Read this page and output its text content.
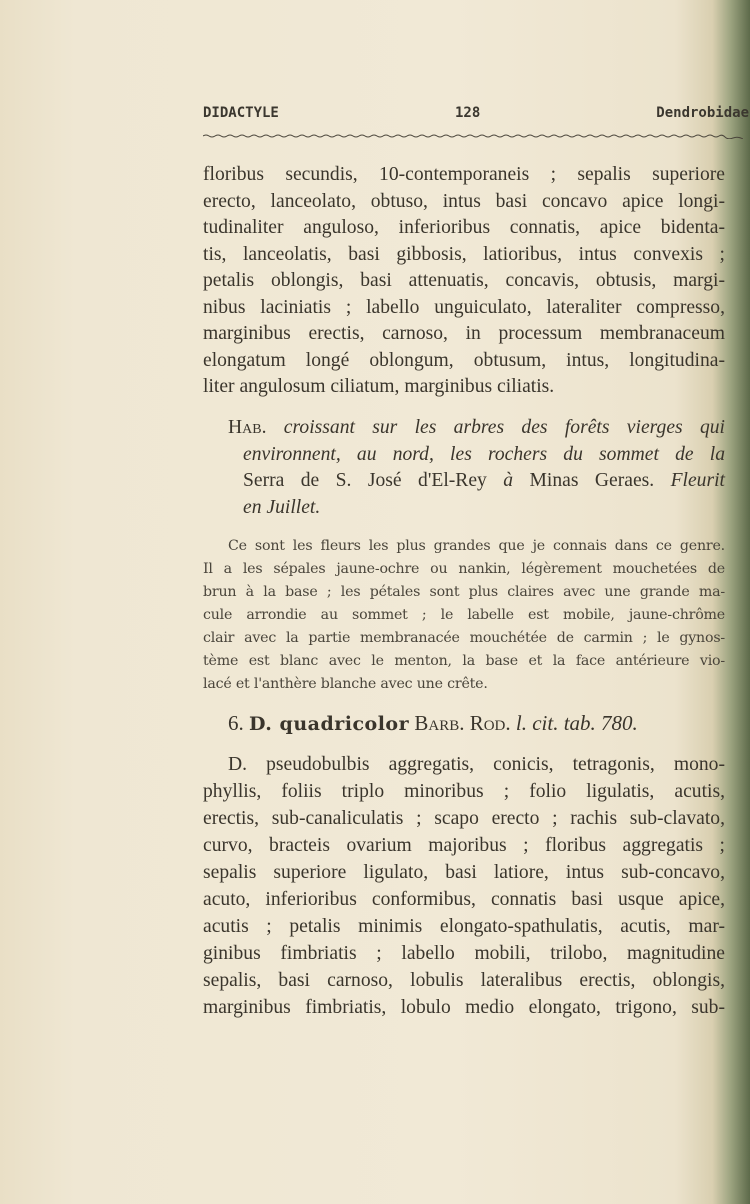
DIDACTYLE	128	Dendrobidae
floribus secundis, 10-contemporaneis ; sepalis superiore
erecto, lanceolato, obtuso, intus basi concavo apice longi-
tudinaliter anguloso, inferioribus connatis, apice bidenta-
tis, lanceolatis, basi gibbosis, latioribus, intus convexis ;
petalis oblongis, basi attenuatis, concavis, obtusis, margi-
nibus laciniatis ; labello unguiculato, lateraliter compresso,
marginibus erectis, carnoso, in processum membranaceum
elongatum longé oblongum, obtusum, intus, longitudina-
liter angulosum ciliatum, marginibus ciliatis.
Hab. croissant sur les arbres des forêts vierges qui
environnent, au nord, les rochers du sommet de la
Serra de S. José d'El-Rey à Minas Geraes. Fleurit
en Juillet.
Ce sont les fleurs les plus grandes que je connais dans ce genre.
Il a les sépales jaune-ochre ou nankin, légèrement mouchetées de
brun à la base ; les pétales sont plus claires avec une grande ma-
cule arrondie au sommet ; le labelle est mobile, jaune-chrôme
clair avec la partie membranacée mouchétée de carmin ; le gynos-
tème est blanc avec le menton, la base et la face antérieure vio-
lacé et l'anthère blanche avec une crête.
6. D. quadricolor Barb. Rod. l. cit. tab. 780.
D. pseudobulbis aggregatis, conicis, tetragonis, mono-
phyllis, foliis triplo minoribus ; folio ligulatis, acutis,
erectis, sub-canaliculatis ; scapo erecto ; rachis sub-clavato,
curvo, bracteis ovarium majoribus ; floribus aggregatis ;
sepalis superiore ligulato, basi latiore, intus sub-concavo,
acuto, inferioribus conformibus, connatis basi usque apice,
acutis ; petalis minimis elongato-spathulatis, acutis, mar-
ginibus fimbriatis ; labello mobili, trilobo, magnitudine
sepalis, basi carnoso, lobulis lateralibus erectis, oblongis,
marginibus fimbriatis, lobulo medio elongato, trigono, sub-
